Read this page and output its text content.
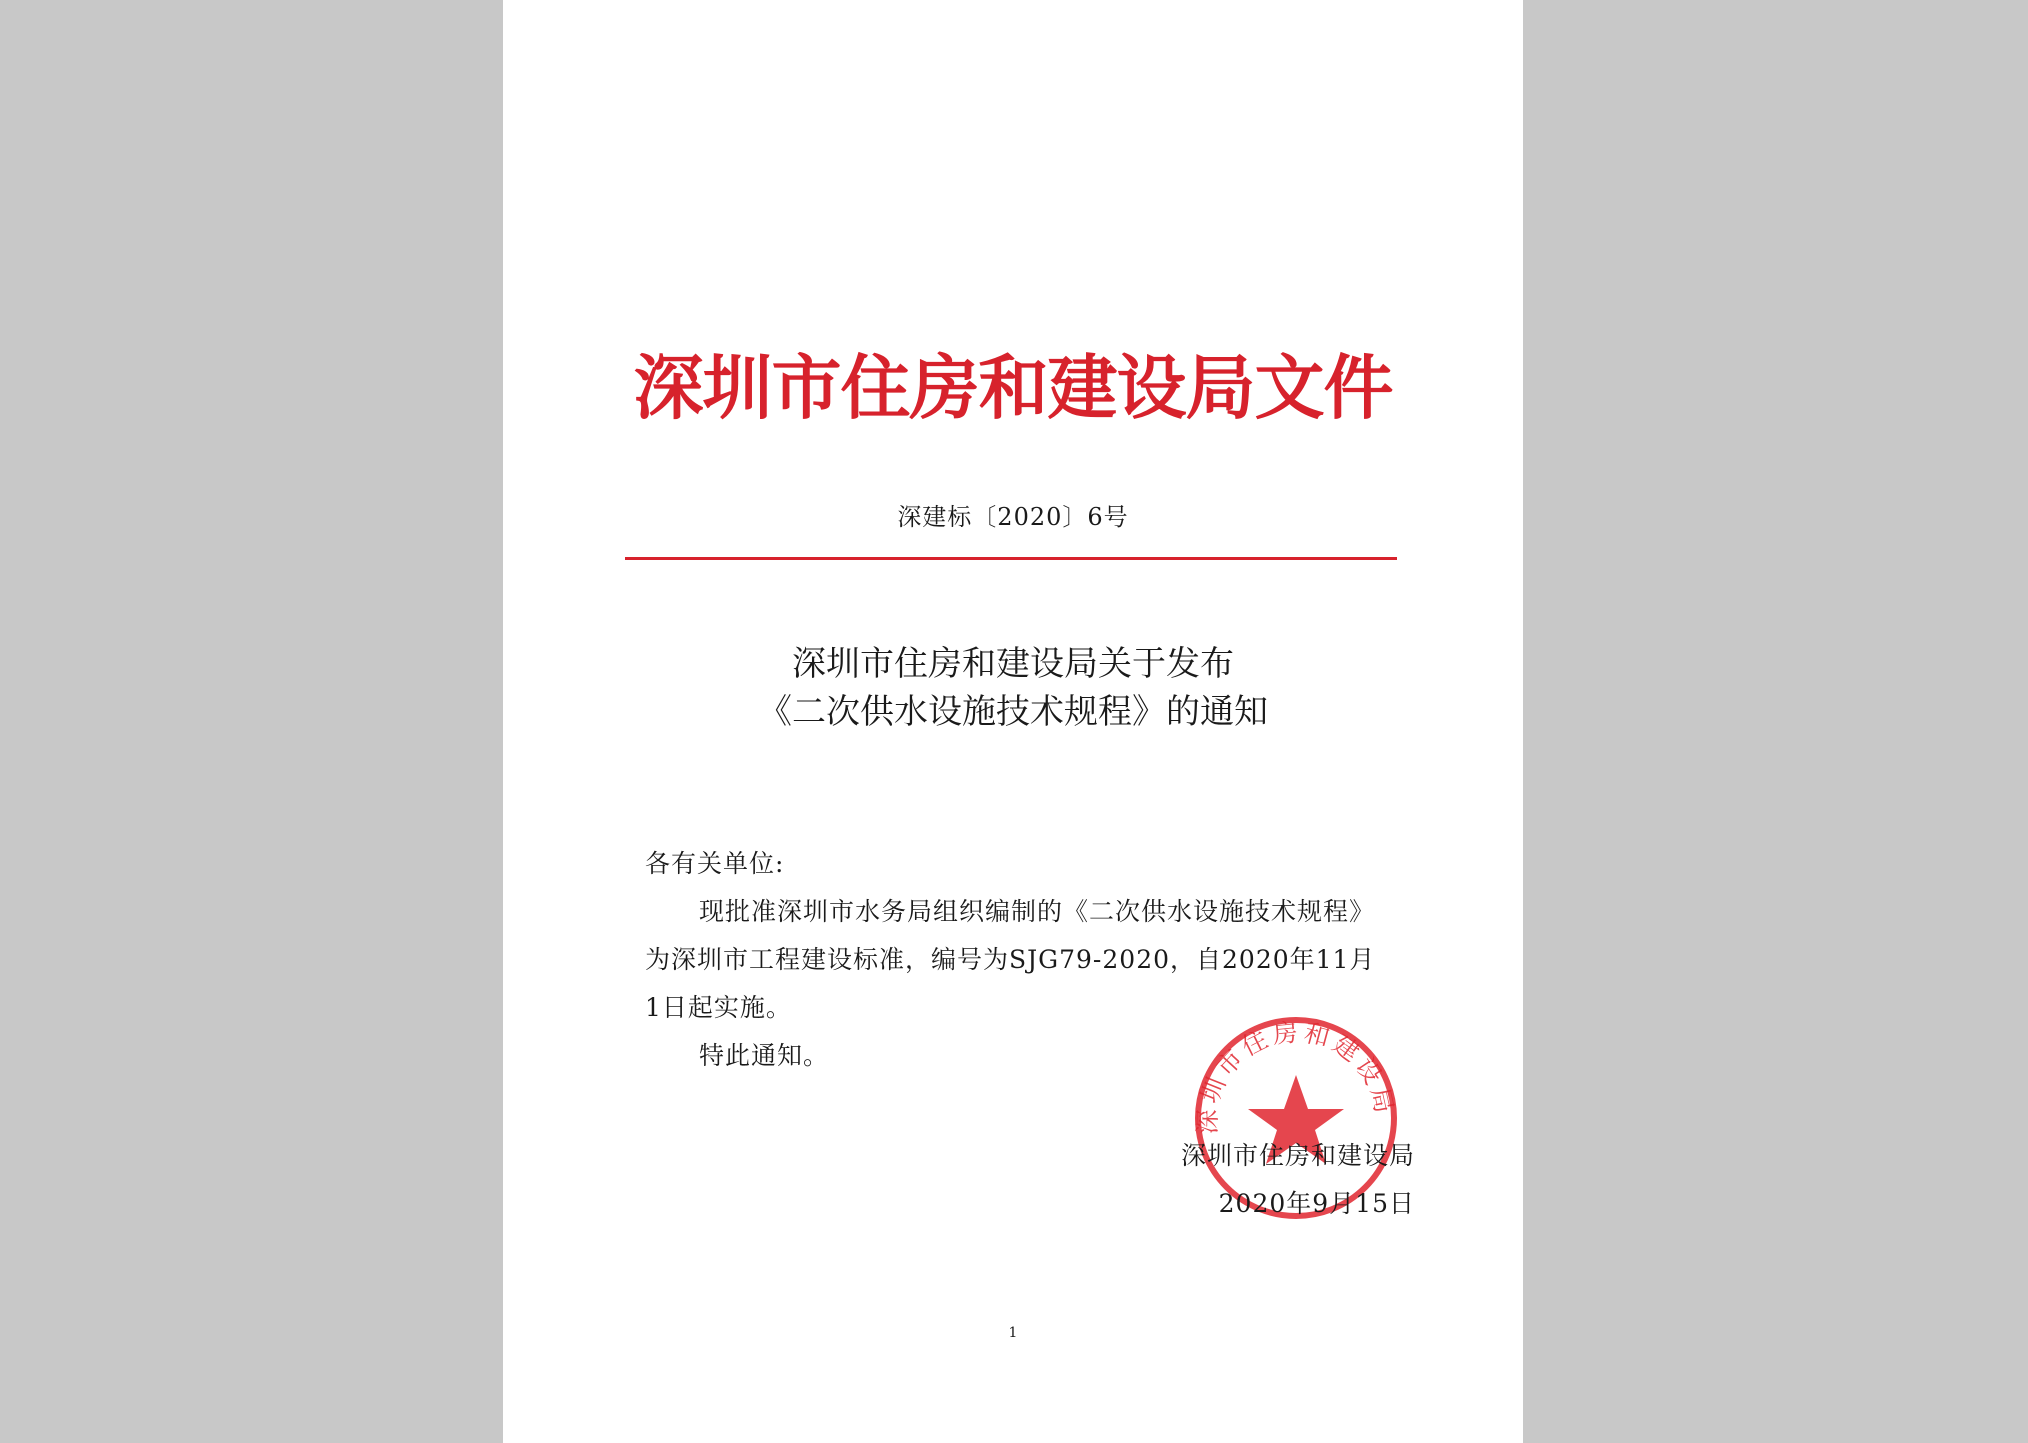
深圳市住房和建设局文件
深建标〔2020〕6号
深圳市住房和建设局关于发布
《二次供水设施技术规程》的通知

各有关单位:

现批准深圳市水务局组织编制的《二次供水设施技术规程》

为深圳市工程建设标准，编号为SJG79-2020，自2020年11月

1日起实施。

特此通知。

深圳市住房和建设局
深圳市住房和建设局
2020年9月15日
1
